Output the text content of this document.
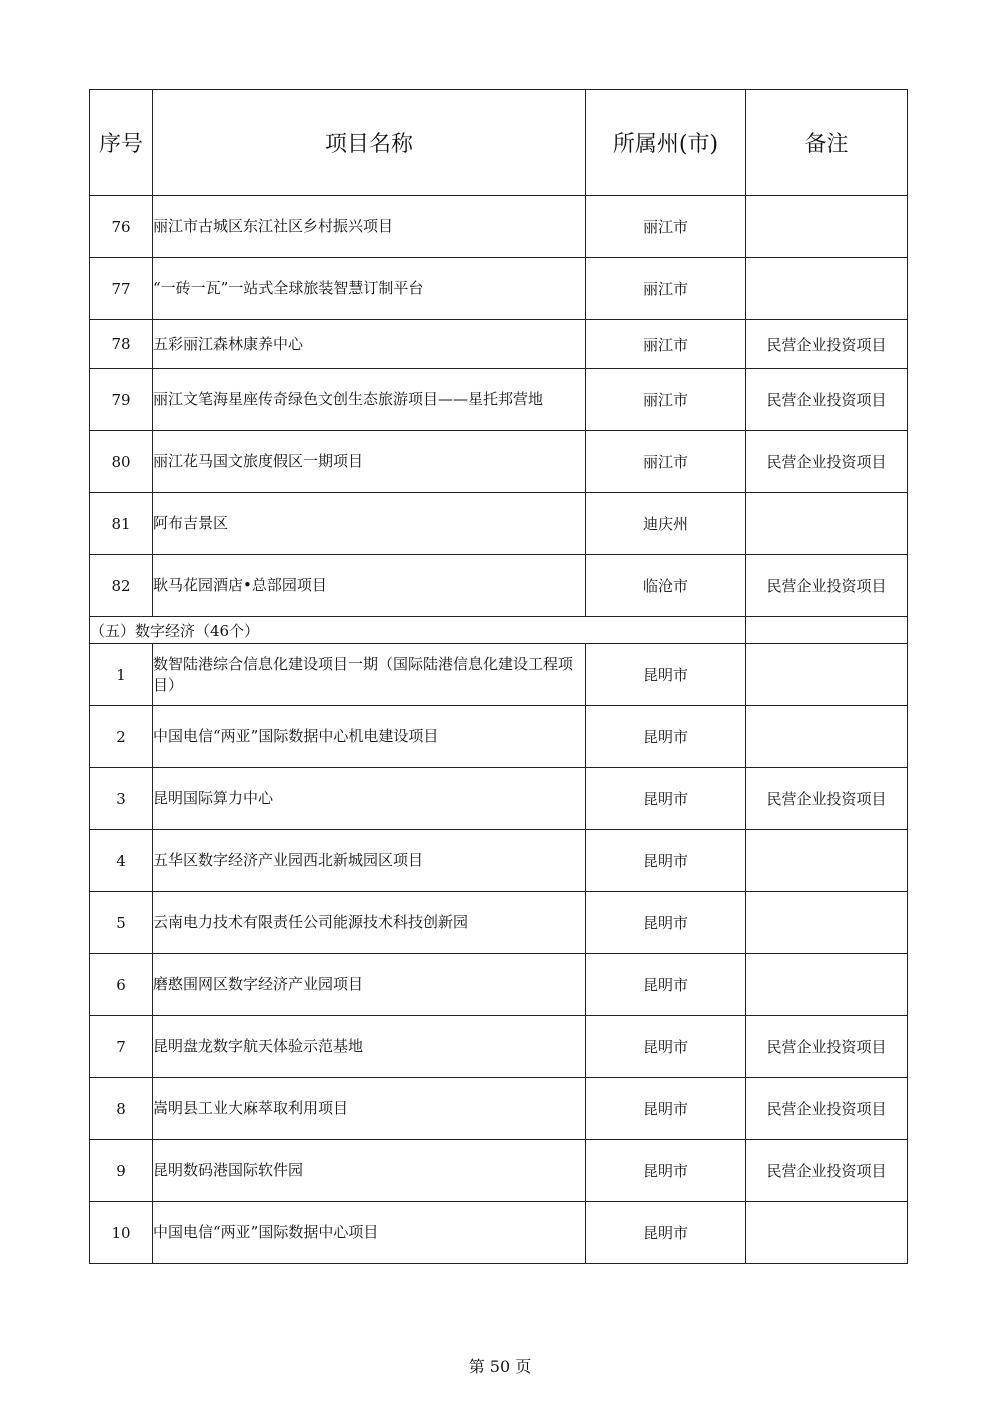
序号	项目名称	所属州(市)	备注
76	丽江市古城区东江社区乡村振兴项目	丽江市	
77	“一砖一瓦”一站式全球旅装智慧订制平台	丽江市	
78	五彩丽江森林康养中心	丽江市	民营企业投资项目
79	丽江文笔海星座传奇绿色文创生态旅游项目——星托邦营地	丽江市	民营企业投资项目
80	丽江花马国文旅度假区一期项目	丽江市	民营企业投资项目
81	阿布吉景区	迪庆州	
82	耿马花园酒店•总部园项目	临沧市	民营企业投资项目
（五）数字经济（46个）			
1	数智陆港综合信息化建设项目一期（国际陆港信息化建设工程项目）	昆明市	
2	中国电信“两亚”国际数据中心机电建设项目	昆明市	
3	昆明国际算力中心	昆明市	民营企业投资项目
4	五华区数字经济产业园西北新城园区项目	昆明市	
5	云南电力技术有限责任公司能源技术科技创新园	昆明市	
6	磨憨围网区数字经济产业园项目	昆明市	
7	昆明盘龙数字航天体验示范基地	昆明市	民营企业投资项目
8	嵩明县工业大麻萃取利用项目	昆明市	民营企业投资项目
9	昆明数码港国际软件园	昆明市	民营企业投资项目
10	中国电信“两亚”国际数据中心项目	昆明市	
第 50 页
